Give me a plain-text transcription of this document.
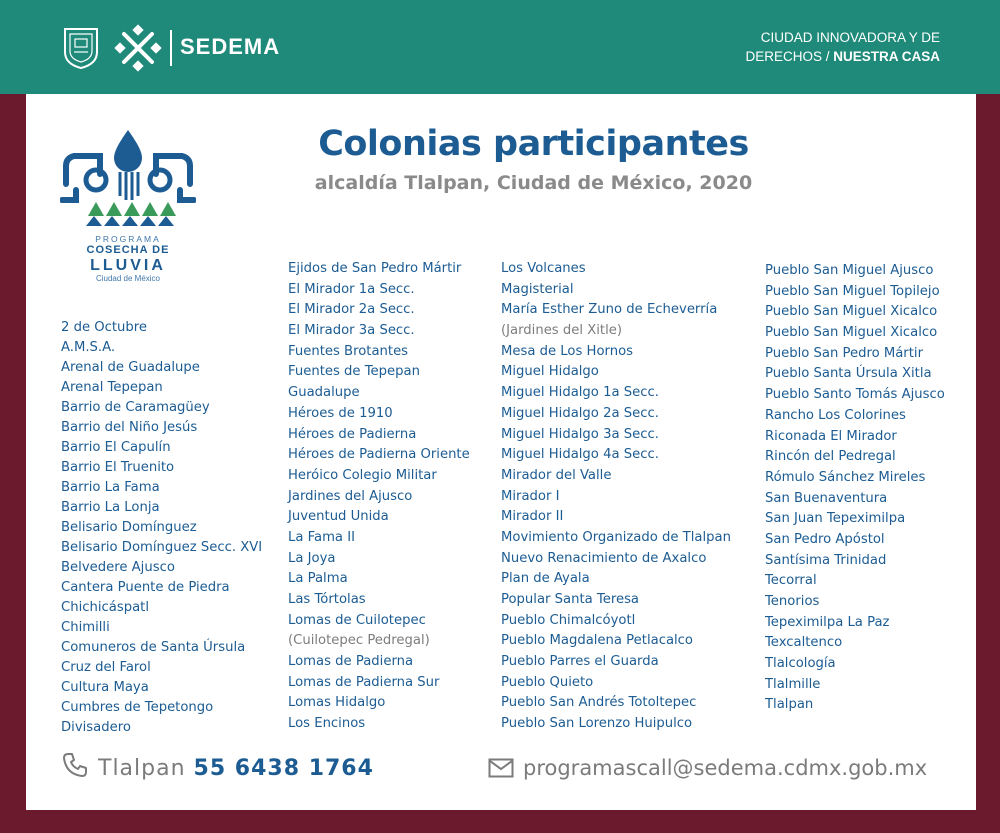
SEDEMA	CIUDAD INNOVADORA Y DE
DERECHOS / NUESTRA CASA
PROGRAMA
COSECHA DE
LLUVIA
Ciudad de México
Colonias participantes
alcaldía Tlalpan, Ciudad de México, 2020
2 de Octubre
A.M.S.A.
Arenal de Guadalupe
Arenal Tepepan
Barrio de Caramagüey
Barrio del Niño Jesús
Barrio El Capulín
Barrio El Truenito
Barrio La Fama
Barrio La Lonja
Belisario Domínguez
Belisario Domínguez Secc. XVI
Belvedere Ajusco
Cantera Puente de Piedra
Chichicáspatl
Chimilli
Comuneros de Santa Úrsula
Cruz del Farol
Cultura Maya
Cumbres de Tepetongo
Divisadero
Ejidos de San Pedro Mártir
El Mirador 1a Secc.
El Mirador 2a Secc.
El Mirador 3a Secc.
Fuentes Brotantes
Fuentes de Tepepan
Guadalupe
Héroes de 1910
Héroes de Padierna
Héroes de Padierna Oriente
Heróico Colegio Militar
Jardines del Ajusco
Juventud Unida
La Fama II
La Joya
La Palma
Las Tórtolas
Lomas de Cuilotepec
(Cuilotepec Pedregal)
Lomas de Padierna
Lomas de Padierna Sur
Lomas Hidalgo
Los Encinos
Los Volcanes
Magisterial
María Esther Zuno de Echeverría
(Jardines del Xitle)
Mesa de Los Hornos
Miguel Hidalgo
Miguel Hidalgo 1a Secc.
Miguel Hidalgo 2a Secc.
Miguel Hidalgo 3a Secc.
Miguel Hidalgo 4a Secc.
Mirador del Valle
Mirador I
Mirador II
Movimiento Organizado de Tlalpan
Nuevo Renacimiento de Axalco
Plan de Ayala
Popular Santa Teresa
Pueblo Chimalcóyotl
Pueblo Magdalena Petlacalco
Pueblo Parres el Guarda
Pueblo Quieto
Pueblo San Andrés Totoltepec
Pueblo San Lorenzo Huipulco
Pueblo San Miguel Ajusco
Pueblo San Miguel Topilejo
Pueblo San Miguel Xicalco
Pueblo San Miguel Xicalco
Pueblo San Pedro Mártir
Pueblo Santa Úrsula Xitla
Pueblo Santo Tomás Ajusco
Rancho Los Colorines
Riconada El Mirador
Rincón del Pedregal
Rómulo Sánchez Mireles
San Buenaventura
San Juan Tepeximilpa
San Pedro Apóstol
Santísima Trinidad
Tecorral
Tenorios
Tepeximilpa La Paz
Texcaltenco
Tlalcología
Tlalmille
Tlalpan
Tlalpan 55 6438 1764	programascall@sedema.cdmx.gob.mx
